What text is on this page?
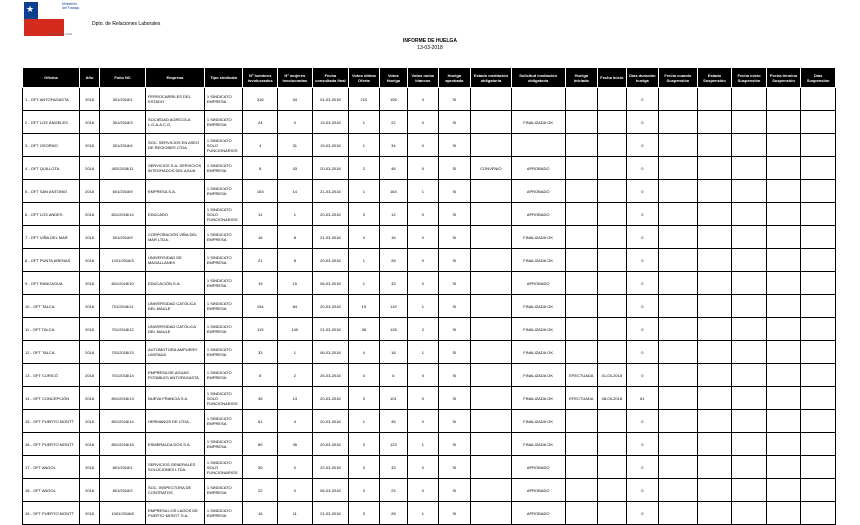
★	Ministerio del Trabajo
Gobierno de Chile
Dpto. de Relaciones Laborales
INFORME DE HUELGA
13-03-2018
Oficina	Año	Folio NC	Empresa	Tipo sindicato	Nº hombres involucrados	Nº mujeres involucradas	Fecha consultada final	Votos última Oferta	Votos Huelga	Votos nulos blancos	Huelga aprobada	Estado mediación obligatoria	Solicitud mediación obligatoria	Huelga iniciada	Fecha inicio	Días duración huelga	Fecha cuando Suspensión	Estado Suspensión	Fecha inicio Suspensión	Fecha término Suspensión	Días Suspensión
1 - OFT ANTOFAGASTA	2018	301/2018/1	FERROCARRILES DEL ESTADO	1 SINDICATO EMPRESA	316	34	01-03-2018	210	106	4	SI					0					
2 - OFT LOS ÁNGELES	2018	301/2018/3	SOCIEDAD AGRÍCOLA L.G.A.A.C.G.	1 SINDICATO EMPRESA	24	0	13-03-2018	1	22	0	SI		FINALIZADA OK			0					
3 - OFT OSORNO	2018	301/2018/4	SOC. SERVICIOS EN ASEO DE REGIONES LTDA.	1 SINDICATO SOLO FUNCIONARIOS	4	31	19-03-2018	1	34	0	SI					0					
4 - OFT QUILLOTA	2018	402/2018/11	SERVICIOS S.A. SERVICIOS INTEGRADOS DEL AGUA	1 SINDICATO EMPRESA	8	43	20-03-2018	2	48	0	SI	CONVENIO	APROBADO			0					
5 - OFT SAN ANTONIO	2018	601/2018/9	EMPRESA S.A.	1 SINDICATO EMPRESA	163	14	21-03-2018	1	164	1	SI		APROBADO			0					
6 - OFT LOS ANDES	2018	601/2018/14	EDUCADO	1 SINDICATO SOLO FUNCIONARIOS	11	1	20-03-2018	0	12	0	SI		APROBADO			0					
7 - OFT VIÑA DEL MAR	2018	501/2018/9	CORPORACIÓN VIÑA DEL MAR LTDA.	1 SINDICATO EMPRESA	16	8	21-03-2018	4	16	0	SI		FINALIZADA OK			0					
8 - OFT PUNTA ARENAS	2018	1201/2018/3	UNIVERSIDAD DE MAGALLANES	1 SINDICATO EMPRESA	21	8	20-03-2018	1	28	0	SI		FINALIZADA OK			0					
9 - OFT RANCAGUA	2018	601/2018/10	EDUCACIÓN S.A.	1 SINDICATO EMPRESA	19	15	06-03-2018	1	33	0	SI		APROBADO			0					
10 - OFT TALCA	2018	701/2018/11	UNIVERSIDAD CATÓLICA DEL MAULE	1 SINDICATO EMPRESA	154	84	20-03-2018	19	119	1	SI		FINALIZADA OK			0					
11 - OFT TALCA	2018	701/2018/12	UNIVERSIDAD CATÓLICA DEL MAULE	1 SINDICATO EMPRESA	113	140	21-03-2018	36	126	2	SI		FINALIZADA OK			0					
12 - OFT TALCA	2018	701/2018/13	AUTOMOTORA AMPUERO LIMITADA	1 SINDICATO EMPRESA	33	1	06-03-2018	4	18	1	SI		FINALIZADA OK			0					
13 - OFT CURICÓ	2018	701/2018/14	EMPRESA DE AGUAS POTABLES ANTOFAGASTA	1 SINDICATO EMPRESA	8	2	26-03-2018	4	6	0	SI		FINALIZADA OK	EFECTUADA	01-03-2018	0					
14 - OFT CONCEPCIÓN	2018	801/2018/13	NUEVA FRANCIA S.A.	1 SINDICATO SOLO FUNCIONARIOS	45	13	20-03-2018	3	101	0	SI		FINALIZADA OK	EFECTUADA	08-03-2018	61					
15 - OFT PUERTO MONTT	2018	801/2018/14	HERMANOS DE LTDA.	1 SINDICATO EMPRESA	61	4	20-03-2018	1	45	0	SI		FINALIZADA OK			0					
16 - OFT PUERTO MONTT	2018	801/2018/16	ESMERALDA DOS S.A.	1 SINDICATO EMPRESA	89	45	20-03-2018	3	123	1	SI		FINALIZADA OK			0					
17 - OFT ANGOL	2018	801/2018/1	SERVICIOS GENERALES SOLUCIONES LTDA.	1 SINDICATO SOLO FUNCIONARIOS	30	0	22-03-2018	0	33	0	SI		APROBADO			0					
18 - OFT ANGOL	2018	801/2018/2	SOC. INSPECTORA DE CONTRATOS	1 SINDICATO EMPRESA	22	0	06-03-2018	0	23	0	SI		APROBADO			0					
19 - OFT PUERTO MONTT	2018	1001/2018/8	EMPRESA LOS LAGOS DE PUERTO MONTT S.A.	1 SINDICATO EMPRESA	16	11	21-03-2018	3	28	1	SI		APROBADO			0					
